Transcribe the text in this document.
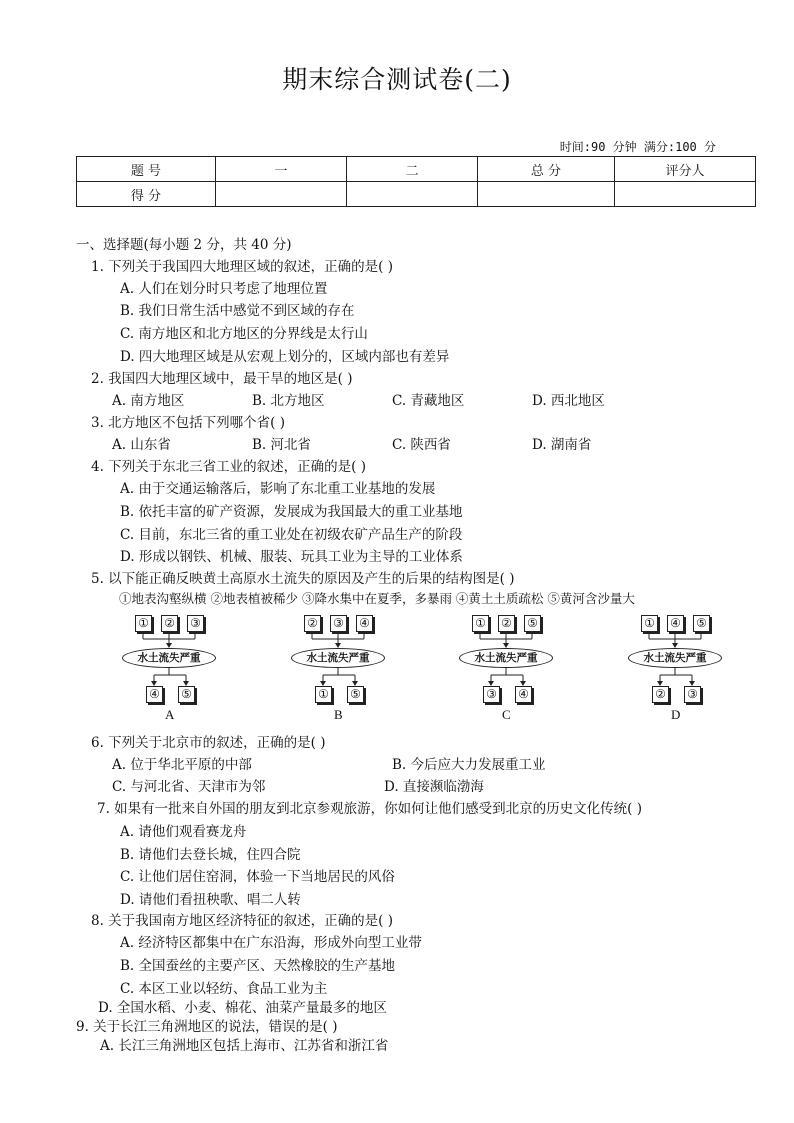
期末综合测试卷(二)
时间:90 分钟 满分:100 分
题 号	一	二	总 分	评分人
得 分				
一、选择题(每小题 2 分，共 40 分)
1. 下列关于我国四大地理区域的叙述，正确的是( )
A. 人们在划分时只考虑了地理位置
B. 我们日常生活中感觉不到区域的存在
C. 南方地区和北方地区的分界线是太行山
D. 四大地理区域是从宏观上划分的，区域内部也有差异
2. 我国四大地理区域中，最干旱的地区是( )
A. 南方地区	B. 北方地区	C. 青藏地区	D. 西北地区
3. 北方地区不包括下列哪个省( )
A. 山东省	B. 河北省	C. 陕西省	D. 湖南省
4. 下列关于东北三省工业的叙述，正确的是( )
A. 由于交通运输落后，影响了东北重工业基地的发展
B. 依托丰富的矿产资源，发展成为我国最大的重工业基地
C. 目前，东北三省的重工业处在初级农矿产品生产的阶段
D. 形成以钢铁、机械、服装、玩具工业为主导的工业体系
5. 以下能正确反映黄土高原水土流失的原因及产生的后果的结构图是( )
①地表沟壑纵横 ②地表植被稀少 ③降水集中在夏季，多暴雨 ④黄土土质疏松 ⑤黄河含沙量大
① ② ③
水土流失严重
④ ⑤
A
② ③ ④
水土流失严重
① ⑤
B
① ② ⑤
水土流失严重
③ ④
C
① ④ ⑤
水土流失严重
② ③
D
6. 下列关于北京市的叙述，正确的是( )
A. 位于华北平原的中部	B. 今后应大力发展重工业
C. 与河北省、天津市为邻	D. 直接濒临渤海
7. 如果有一批来自外国的朋友到北京参观旅游，你如何让他们感受到北京的历史文化传统( )
A. 请他们观看赛龙舟
B. 请他们去登长城，住四合院
C. 让他们居住窑洞，体验一下当地居民的风俗
D. 请他们看扭秧歌、唱二人转
8. 关于我国南方地区经济特征的叙述，正确的是( )
A. 经济特区都集中在广东沿海，形成外向型工业带
B. 全国蚕丝的主要产区、天然橡胶的生产基地
C. 本区工业以轻纺、食品工业为主
D. 全国水稻、小麦、棉花、油菜产量最多的地区
9. 关于长江三角洲地区的说法，错误的是( )
A. 长江三角洲地区包括上海市、江苏省和浙江省
